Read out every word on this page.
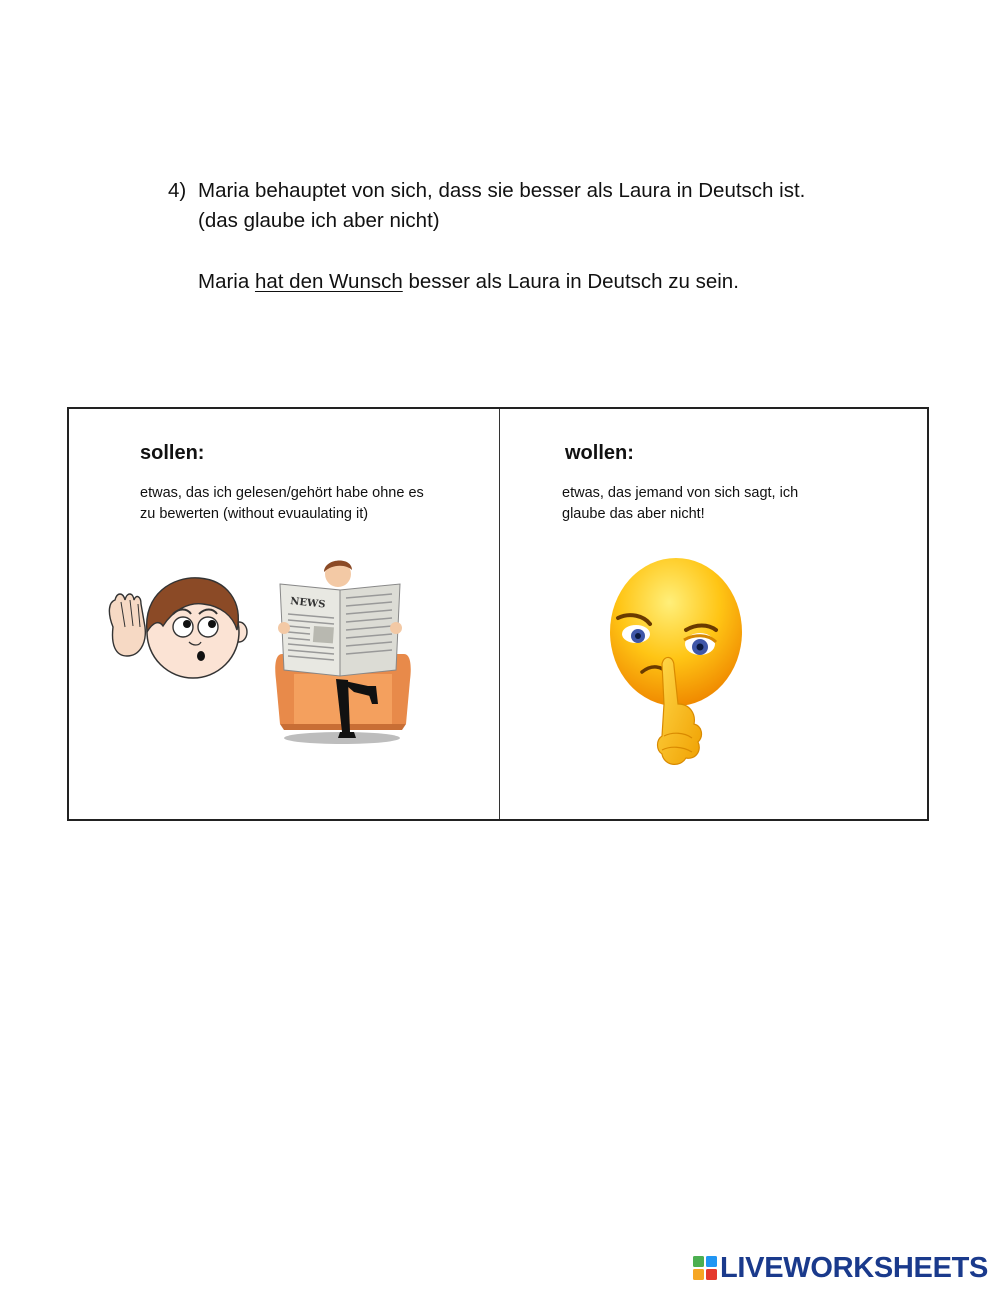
4) Maria behauptet von sich, dass sie besser als Laura in Deutsch ist.
(das glaube ich aber nicht)
Maria hat den Wunsch besser als Laura in Deutsch zu sein.
sollen:
etwas, das ich gelesen/gehört habe ohne es zu bewerten (without evuaulating it)
wollen:
etwas, das jemand von sich sagt, ich glaube das aber nicht!
NEWS
LIVEWORKSHEETS
